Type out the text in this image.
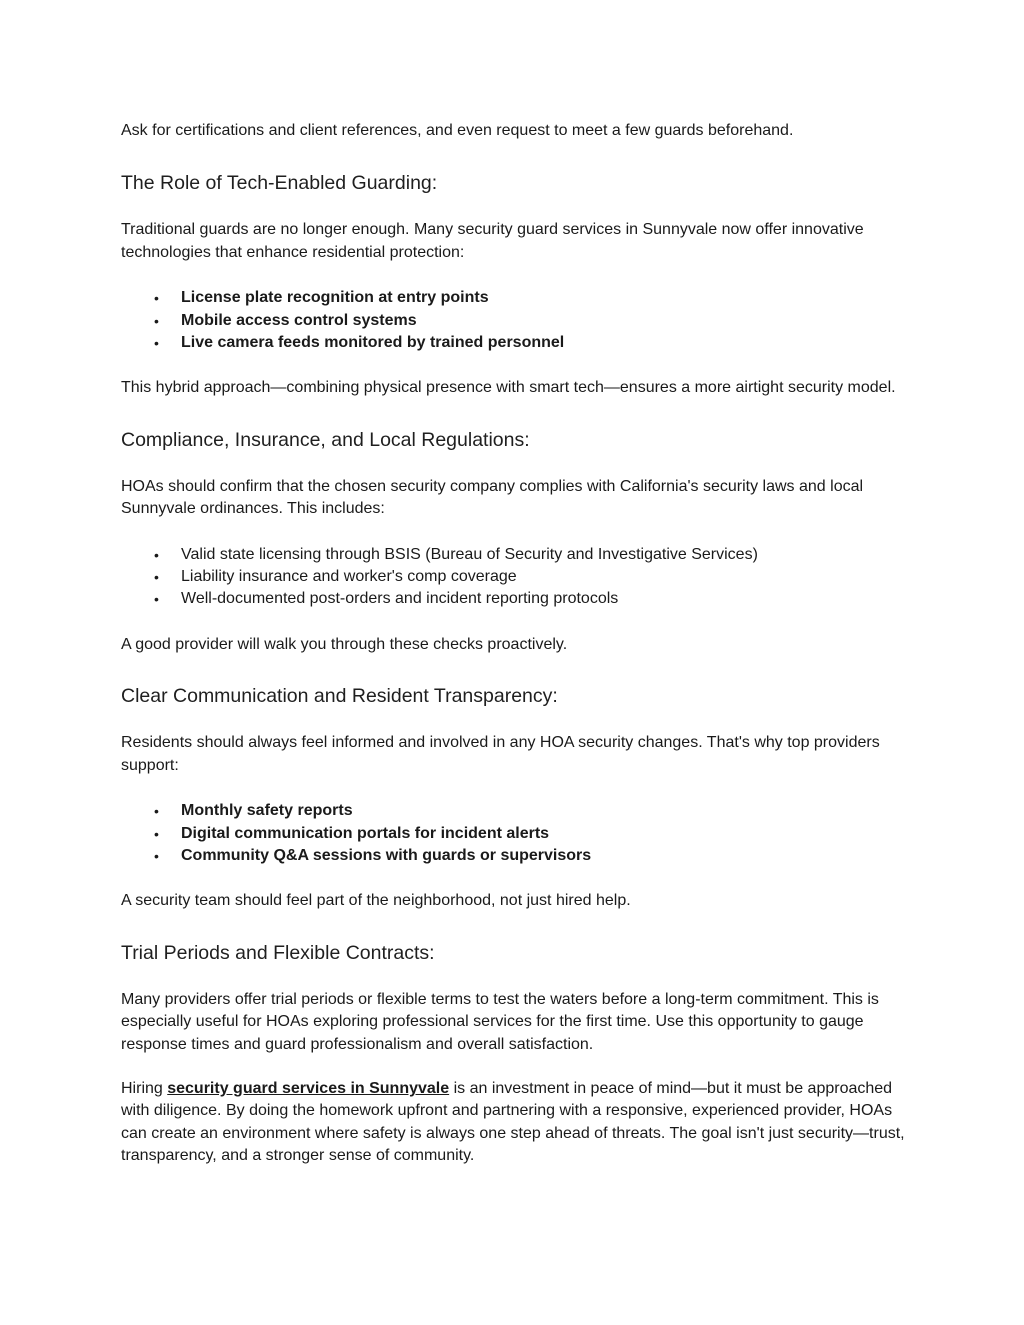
Ask for certifications and client references, and even request to meet a few guards beforehand.

The Role of Tech-Enabled Guarding:

Traditional guards are no longer enough. Many security guard services in Sunnyvale now offer innovative technologies that enhance residential protection:

• License plate recognition at entry points
• Mobile access control systems
• Live camera feeds monitored by trained personnel

This hybrid approach—combining physical presence with smart tech—ensures a more airtight security model.

Compliance, Insurance, and Local Regulations:

HOAs should confirm that the chosen security company complies with California's security laws and local Sunnyvale ordinances. This includes:

• Valid state licensing through BSIS (Bureau of Security and Investigative Services)
• Liability insurance and worker's comp coverage
• Well-documented post-orders and incident reporting protocols

A good provider will walk you through these checks proactively.

Clear Communication and Resident Transparency:

Residents should always feel informed and involved in any HOA security changes. That's why top providers support:

• Monthly safety reports
• Digital communication portals for incident alerts
• Community Q&A sessions with guards or supervisors

A security team should feel part of the neighborhood, not just hired help.

Trial Periods and Flexible Contracts:

Many providers offer trial periods or flexible terms to test the waters before a long-term commitment. This is especially useful for HOAs exploring professional services for the first time. Use this opportunity to gauge response times and guard professionalism and overall satisfaction.

Hiring security guard services in Sunnyvale is an investment in peace of mind—but it must be approached with diligence. By doing the homework upfront and partnering with a responsive, experienced provider, HOAs can create an environment where safety is always one step ahead of threats. The goal isn't just security—trust, transparency, and a stronger sense of community.
